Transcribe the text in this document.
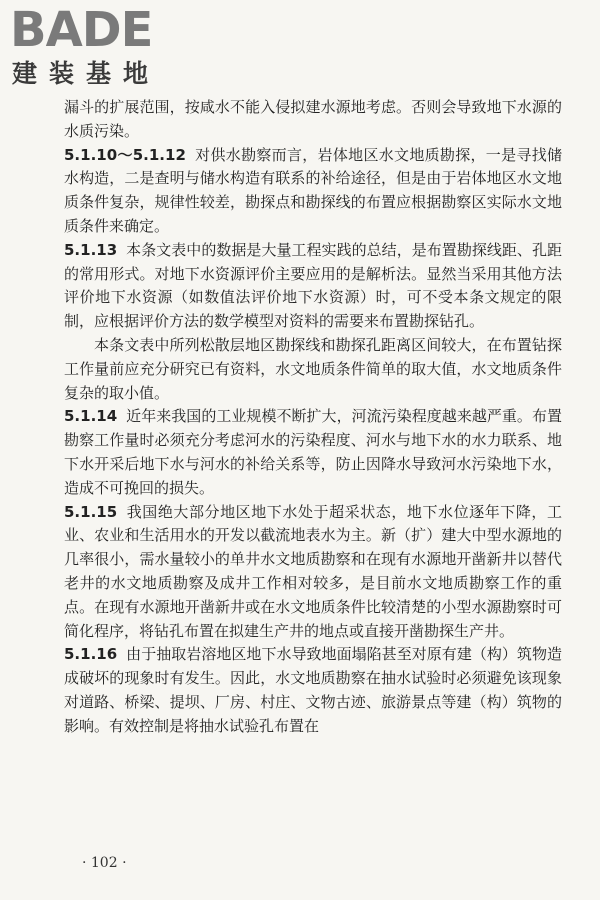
BADE
建装基地

漏斗的扩展范围，按咸水不能入侵拟建水源地考虑。否则会导致地下水源的水质污染。

5.1.10～5.1.12 对供水勘察而言，岩体地区水文地质勘探，一是寻找储水构造，二是查明与储水构造有联系的补给途径，但是由于岩体地区水文地质条件复杂，规律性较差，勘探点和勘探线的布置应根据勘察区实际水文地质条件来确定。

5.1.13 本条文表中的数据是大量工程实践的总结，是布置勘探线距、孔距的常用形式。对地下水资源评价主要应用的是解析法。显然当采用其他方法评价地下水资源（如数值法评价地下水资源）时，可不受本条文规定的限制，应根据评价方法的数学模型对资料的需要来布置勘探钻孔。

本条文表中所列松散层地区勘探线和勘探孔距离区间较大，在布置钻探工作量前应充分研究已有资料，水文地质条件简单的取大值，水文地质条件复杂的取小值。

5.1.14 近年来我国的工业规模不断扩大，河流污染程度越来越严重。布置勘察工作量时必须充分考虑河水的污染程度、河水与地下水的水力联系、地下水开采后地下水与河水的补给关系等，防止因降水导致河水污染地下水，造成不可挽回的损失。

5.1.15 我国绝大部分地区地下水处于超采状态，地下水位逐年下降，工业、农业和生活用水的开发以截流地表水为主。新（扩）建大中型水源地的几率很小，需水量较小的单井水文地质勘察和在现有水源地开凿新井以替代老井的水文地质勘察及成井工作相对较多，是目前水文地质勘察工作的重点。在现有水源地开凿新井或在水文地质条件比较清楚的小型水源勘察时可简化程序，将钻孔布置在拟建生产井的地点或直接开凿勘探生产井。

5.1.16 由于抽取岩溶地区地下水导致地面塌陷甚至对原有建（构）筑物造成破坏的现象时有发生。因此，水文地质勘察在抽水试验时必须避免该现象对道路、桥梁、提坝、厂房、村庄、文物古迹、旅游景点等建（构）筑物的影响。有效控制是将抽水试验孔布置在

· 102 ·
